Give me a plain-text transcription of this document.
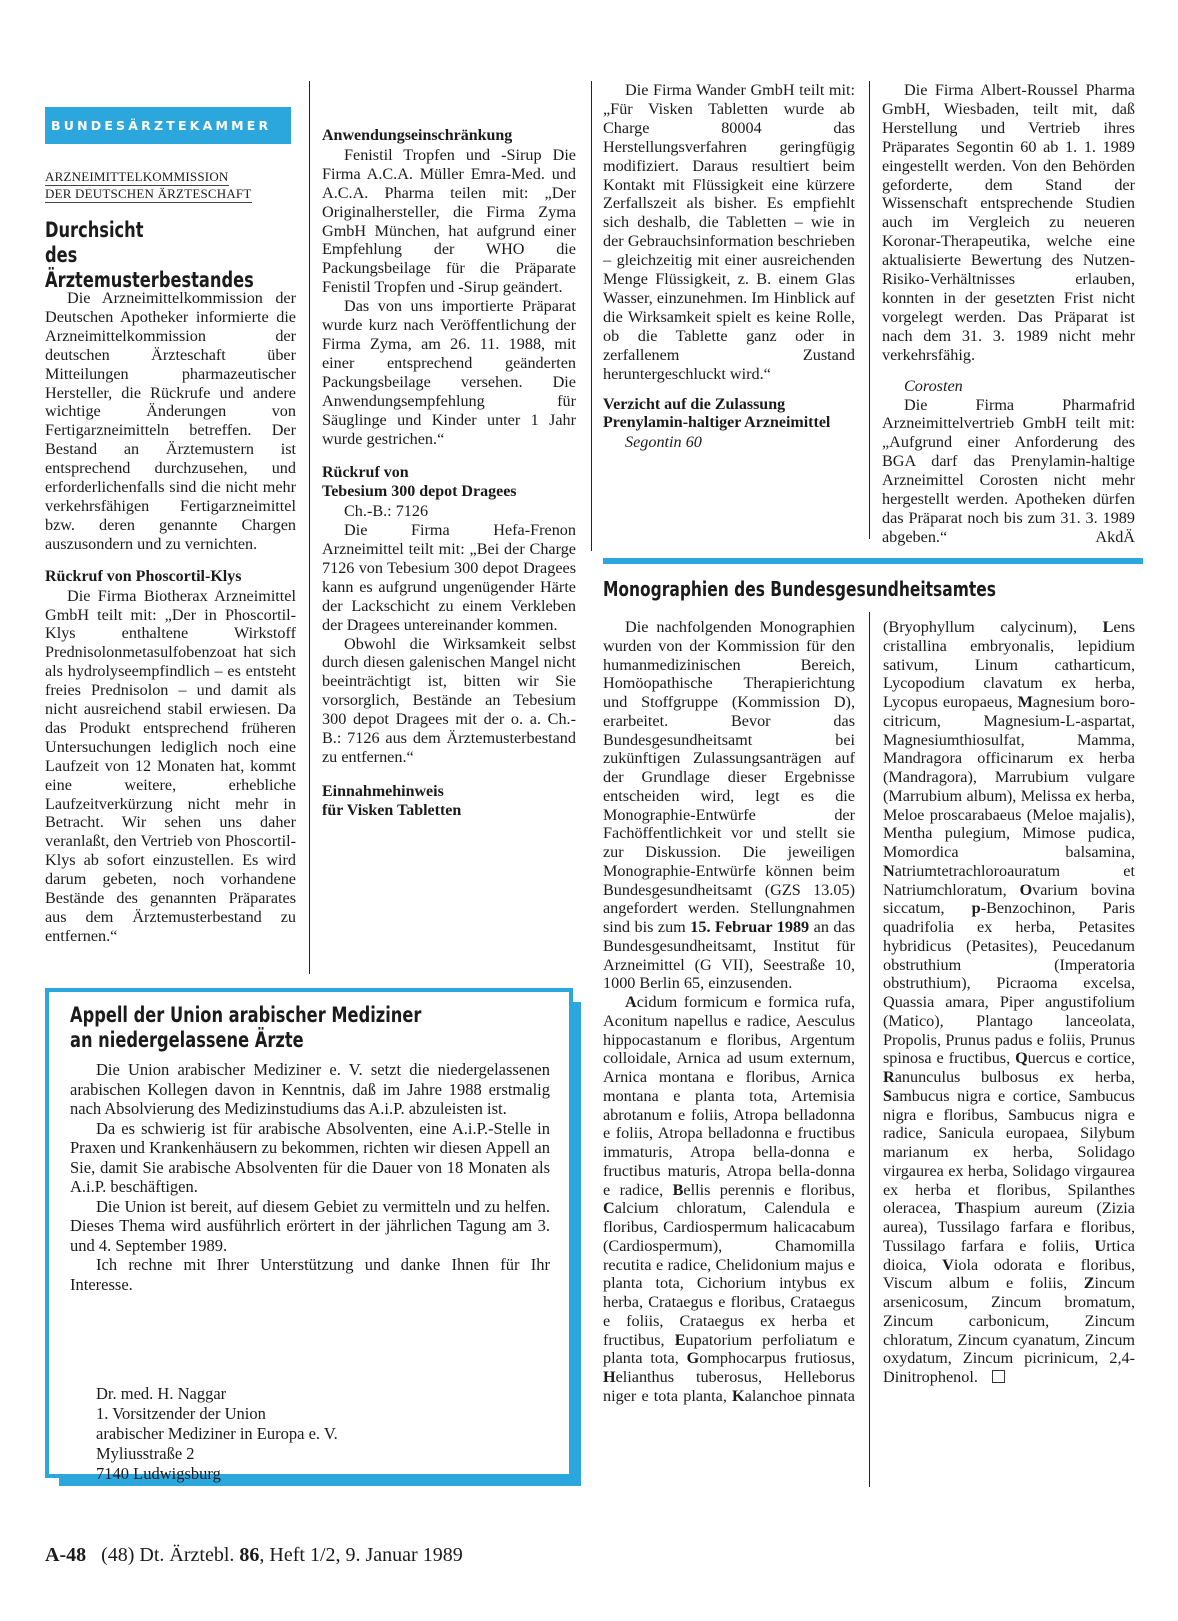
BUNDESÄRZTEKAMMER
ARZNEIMITTELKOMMISSION
DER DEUTSCHEN ÄRZTESCHAFT
Durchsicht
des Ärztemusterbestandes

Die Arzneimittelkommission der Deutschen Apotheker informierte die Arzneimittelkommission der deutschen Ärzteschaft über Mitteilungen pharmazeutischer Hersteller, die Rückrufe und andere wichtige Änderungen von Fertigarzneimitteln betreffen. Der Bestand an Ärztemustern ist entsprechend durchzusehen, und erforderlichenfalls sind die nicht mehr verkehrsfähigen Fertigarzneimittel bzw. deren genannte Chargen auszusondern und zu vernichten.

Rückruf von Phoscortil-Klys

Die Firma Biotherax Arzneimittel GmbH teilt mit: „Der in Phoscortil-Klys enthaltene Wirkstoff Prednisolonmetasulfobenzoat hat sich als hydrolyseempfindlich – es entsteht freies Prednisolon – und damit als nicht ausreichend stabil erwiesen. Da das Produkt entsprechend früheren Untersuchungen lediglich noch eine Laufzeit von 12 Monaten hat, kommt eine weitere, erhebliche Laufzeitverkürzung nicht mehr in Betracht. Wir sehen uns daher veranlaßt, den Vertrieb von Phoscortil-Klys ab sofort einzustellen. Es wird darum gebeten, noch vorhandene Bestände des genannten Präparates aus dem Ärztemusterbestand zu entfernen.“

Anwendungseinschränkung

Fenistil Tropfen und -Sirup Die Firma A.C.A. Müller Emra-Med. und A.C.A. Pharma teilen mit: „Der Originalhersteller, die Firma Zyma GmbH München, hat aufgrund einer Empfehlung der WHO die Packungsbeilage für die Präparate Fenistil Tropfen und -Sirup geändert.

Das von uns importierte Präparat wurde kurz nach Veröffentlichung der Firma Zyma, am 26. 11. 1988, mit einer entsprechend geänderten Packungsbeilage versehen. Die Anwendungsempfehlung für Säuglinge und Kinder unter 1 Jahr wurde gestrichen.“

Rückruf von
Tebesium 300 depot Dragees

Ch.-B.: 7126

Die Firma Hefa-Frenon Arzneimittel teilt mit: „Bei der Charge 7126 von Tebesium 300 depot Dragees kann es aufgrund ungenügender Härte der Lackschicht zu einem Verkleben der Dragees untereinander kommen.

Obwohl die Wirksamkeit selbst durch diesen galenischen Mangel nicht beeinträchtigt ist, bitten wir Sie vorsorglich, Bestände an Tebesium 300 depot Dragees mit der o. a. Ch.-B.: 7126 aus dem Ärztemusterbestand zu entfernen.“

Einnahmehinweis
für Visken Tabletten

Die Firma Wander GmbH teilt mit: „Für Visken Tabletten wurde ab Charge 80004 das Herstellungsverfahren geringfügig modifiziert. Daraus resultiert beim Kontakt mit Flüssigkeit eine kürzere Zerfallszeit als bisher. Es empfiehlt sich deshalb, die Tabletten – wie in der Gebrauchsinformation beschrieben – gleichzeitig mit einer ausreichenden Menge Flüssigkeit, z. B. einem Glas Wasser, einzunehmen. Im Hinblick auf die Wirksamkeit spielt es keine Rolle, ob die Tablette ganz oder in zerfallenem Zustand heruntergeschluckt wird.“

Verzicht auf die Zulassung
Prenylamin-haltiger Arzneimittel

Segontin 60

Die Firma Albert-Roussel Pharma GmbH, Wiesbaden, teilt mit, daß Herstellung und Vertrieb ihres Präparates Segontin 60 ab 1. 1. 1989 eingestellt werden. Von den Behörden geforderte, dem Stand der Wissenschaft entsprechende Studien auch im Vergleich zu neueren Koronar-Therapeutika, welche eine aktualisierte Bewertung des Nutzen-Risiko-Verhältnisses erlauben, konnten in der gesetzten Frist nicht vorgelegt werden. Das Präparat ist nach dem 31. 3. 1989 nicht mehr verkehrsfähig.

Corosten

Die Firma Pharmafrid Arzneimittelvertrieb GmbH teilt mit: „Aufgrund einer Anforderung des BGA darf das Prenylamin-haltige Arzneimittel Corosten nicht mehr hergestellt werden. Apotheken dürfen das Präparat noch bis zum 31. 3. 1989 abgeben.“	AkdÄ

Monographien des Bundesgesundheitsamtes

Die nachfolgenden Monographien wurden von der Kommission für den humanmedizinischen Bereich, Homöopathische Therapierichtung und Stoffgruppe (Kommission D), erarbeitet. Bevor das Bundesgesundheitsamt bei zukünftigen Zulassungsanträgen auf der Grundlage dieser Ergebnisse entscheiden wird, legt es die Monographie-Entwürfe der Fachöffentlichkeit vor und stellt sie zur Diskussion. Die jeweiligen Monographie-Entwürfe können beim Bundesgesundheitsamt (GZS 13.05) angefordert werden. Stellungnahmen sind bis zum 15. Februar 1989 an das Bundesgesundheitsamt, Institut für Arzneimittel (G VII), Seestraße 10, 1000 Berlin 65, einzusenden.

Acidum formicum e formica rufa, Aconitum napellus e radice, Aesculus hippocastanum e floribus, Argentum colloidale, Arnica ad usum externum, Arnica montana e floribus, Arnica montana e planta tota, Artemisia abrotanum e foliis, Atropa belladonna e foliis, Atropa belladonna e fructibus immaturis, Atropa bella-donna e fructibus maturis, Atropa bella-donna e radice, Bellis perennis e floribus, Calcium chloratum, Calendula e floribus, Cardiospermum halicacabum (Cardiospermum), Chamomilla recutita e radice, Chelidonium majus e planta tota, Cichorium intybus ex herba, Crataegus e floribus, Crataegus e foliis, Crataegus ex herba et fructibus, Eupatorium perfoliatum e planta tota, Gomphocarpus frutiosus, Helianthus tuberosus, Helleborus niger e tota planta, Kalanchoe pinnata (Bryophyllum calycinum), Lens cristallina embryonalis, lepidium sativum, Linum catharticum, Lycopodium clavatum ex herba, Lycopus europaeus, Magnesium boro-citricum, Magnesium-L-aspartat, Magnesiumthiosulfat, Mamma, Mandragora officinarum ex herba (Mandragora), Marrubium vulgare (Marrubium album), Melissa ex herba, Meloe proscarabaeus (Meloe majalis), Mentha pulegium, Mimose pudica, Momordica balsamina, Natriumtetrachloroauratum et Natriumchloratum, Ovarium bovina siccatum, p-Benzochinon, Paris quadrifolia ex herba, Petasites hybridicus (Petasites), Peucedanum obstruthium (Imperatoria obstruthium), Picraoma excelsa, Quassia amara, Piper angustifolium (Matico), Plantago lanceolata, Propolis, Prunus padus e foliis, Prunus spinosa e fructibus, Quercus e cortice, Ranunculus bulbosus ex herba, Sambucus nigra e cortice, Sambucus nigra e floribus, Sambucus nigra e radice, Sanicula europaea, Silybum marianum ex herba, Solidago virgaurea ex herba, Solidago virgaurea ex herba et floribus, Spilanthes oleracea, Thaspium aureum (Zizia aurea), Tussilago farfara e floribus, Tussilago farfara e foliis, Urtica dioica, Viola odorata e floribus, Viscum album e foliis, Zincum arsenicosum, Zincum bromatum, Zincum carbonicum, Zincum chloratum, Zincum cyanatum, Zincum oxydatum, Zincum picrinicum, 2,4-Dinitrophenol.

Appell der Union arabischer Mediziner
an niedergelassene Ärzte

Die Union arabischer Mediziner e. V. setzt die niedergelassenen arabischen Kollegen davon in Kenntnis, daß im Jahre 1988 erstmalig nach Absolvierung des Medizinstudiums das A.i.P. abzuleisten ist.

Da es schwierig ist für arabische Absolventen, eine A.i.P.-Stelle in Praxen und Krankenhäusern zu bekommen, richten wir diesen Appell an Sie, damit Sie arabische Absolventen für die Dauer von 18 Monaten als A.i.P. beschäftigen.

Die Union ist bereit, auf diesem Gebiet zu vermitteln und zu helfen. Dieses Thema wird ausführlich erörtert in der jährlichen Tagung am 3. und 4. September 1989.

Ich rechne mit Ihrer Unterstützung und danke Ihnen für Ihr Interesse.

Dr. med. H. Naggar
1. Vorsitzender der Union
arabischer Mediziner in Europa e. V.
Myliusstraße 2
7140 Ludwigsburg
A-48 (48) Dt. Ärztebl. 86, Heft 1/2, 9. Januar 1989
